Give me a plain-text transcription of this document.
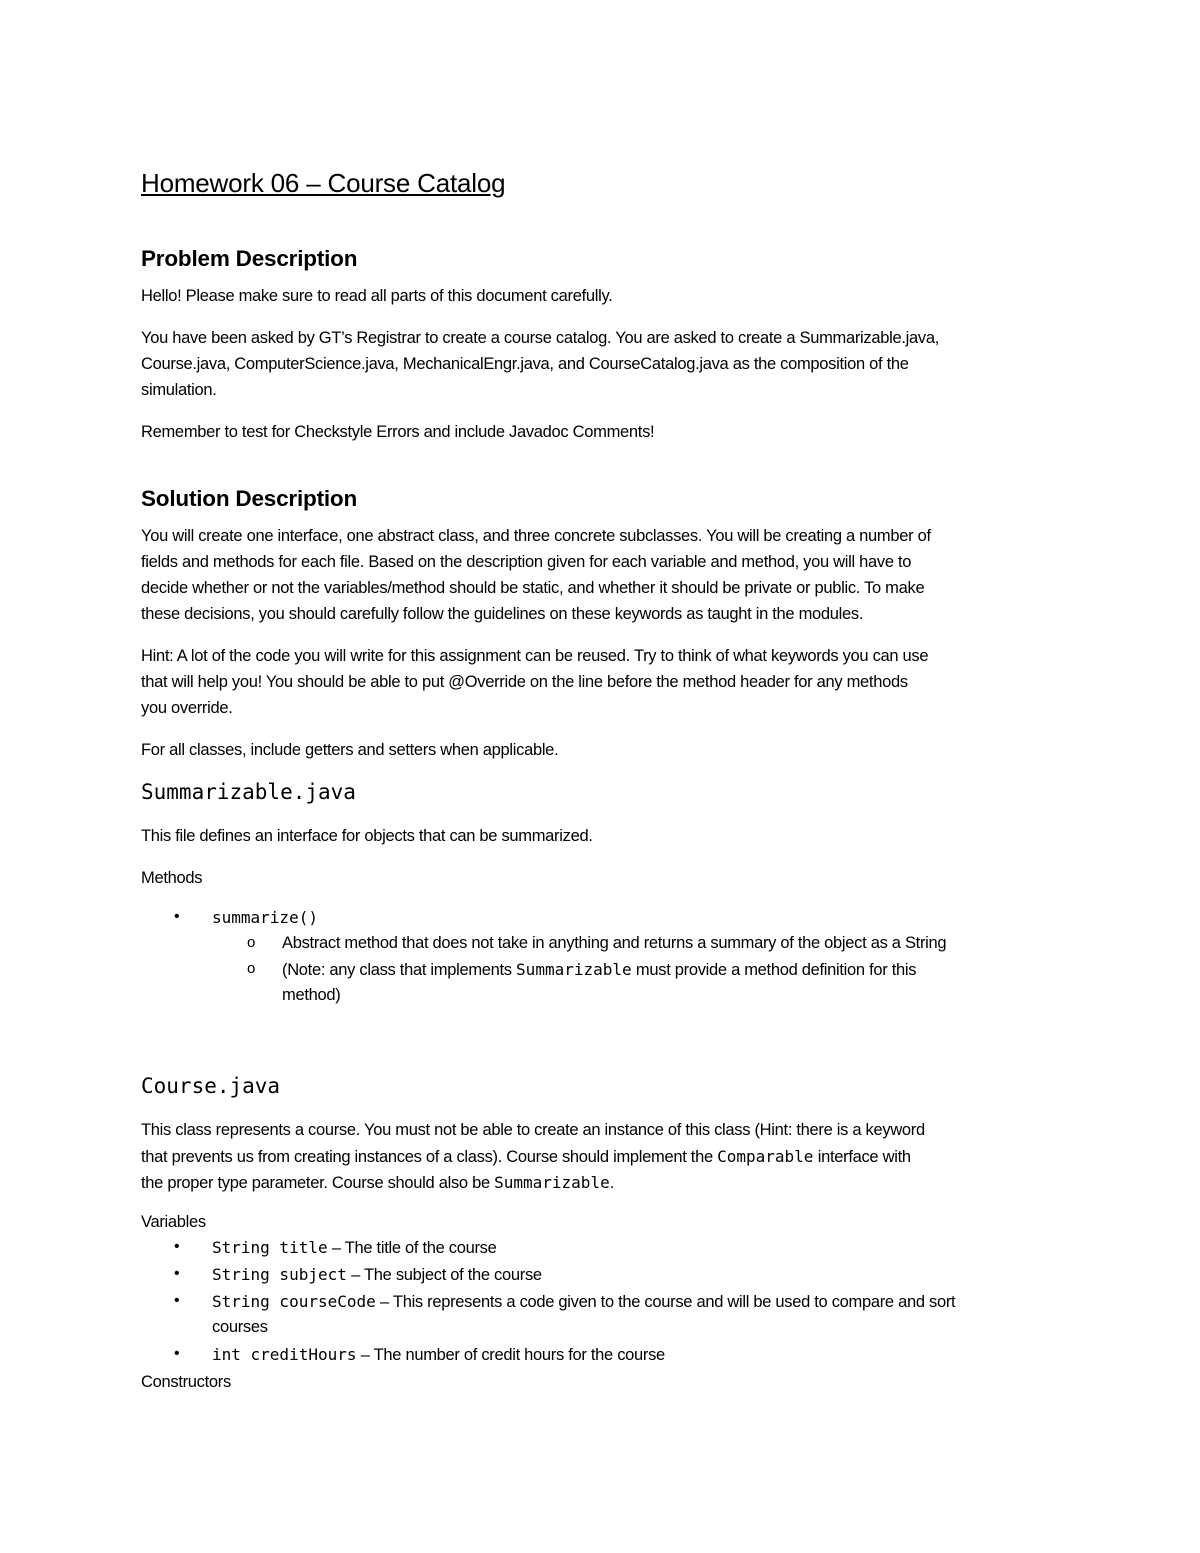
Homework 06 – Course Catalog
Problem Description
Hello! Please make sure to read all parts of this document carefully.
You have been asked by GT’s Registrar to create a course catalog. You are asked to create a Summarizable.java,
Course.java, ComputerScience.java, MechanicalEngr.java, and CourseCatalog.java as the composition of the
simulation.
Remember to test for Checkstyle Errors and include Javadoc Comments!
Solution Description
You will create one interface, one abstract class, and three concrete subclasses. You will be creating a number of
fields and methods for each file. Based on the description given for each variable and method, you will have to
decide whether or not the variables/method should be static, and whether it should be private or public. To make
these decisions, you should carefully follow the guidelines on these keywords as taught in the modules.
Hint: A lot of the code you will write for this assignment can be reused. Try to think of what keywords you can use
that will help you! You should be able to put @Override on the line before the method header for any methods
you override.
For all classes, include getters and setters when applicable.
Summarizable.java
This file defines an interface for objects that can be summarized.
Methods
• summarize()
o Abstract method that does not take in anything and returns a summary of the object as a String
o (Note: any class that implements Summarizable must provide a method definition for this
method)
Course.java
This class represents a course. You must not be able to create an instance of this class (Hint: there is a keyword
that prevents us from creating instances of a class). Course should implement the Comparable interface with
the proper type parameter. Course should also be Summarizable.
Variables
• String title – The title of the course
• String subject – The subject of the course
• String courseCode – This represents a code given to the course and will be used to compare and sort
courses
• int creditHours – The number of credit hours for the course
Constructors
